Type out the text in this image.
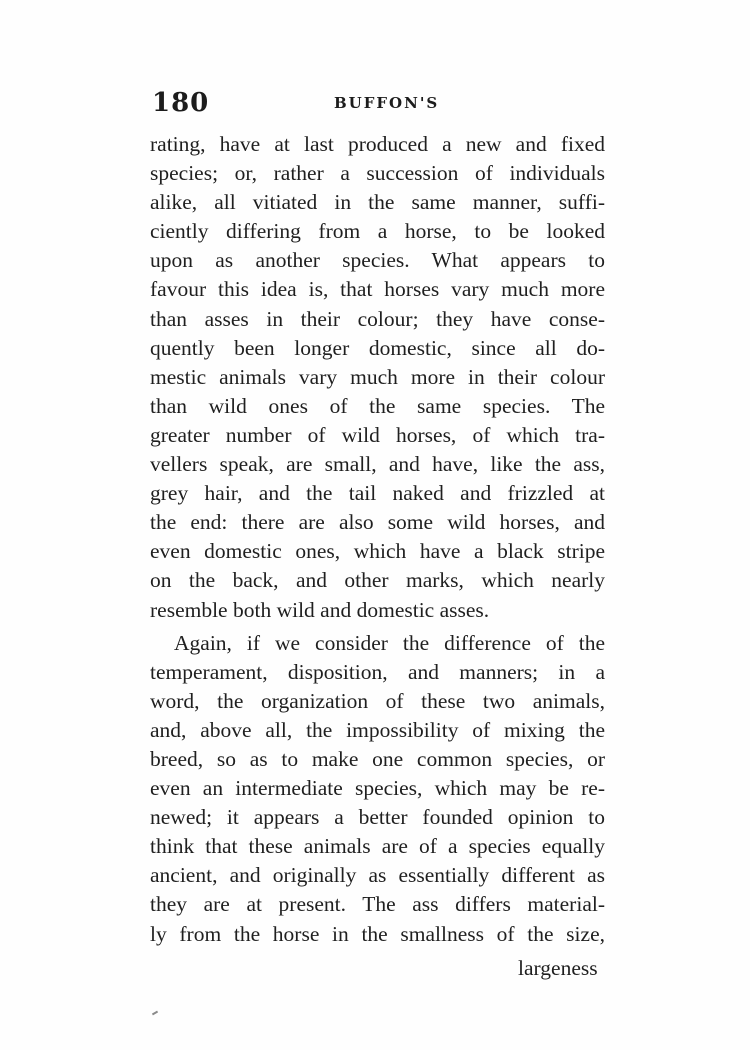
180	BUFFON'S
rating, have at last produced a new and fixed
species; or, rather a succession of individuals
alike, all vitiated in the same manner, suffi-
ciently differing from a horse, to be looked
upon as another species. What appears to
favour this idea is, that horses vary much more
than asses in their colour; they have conse-
quently been longer domestic, since all do-
mestic animals vary much more in their colour
than wild ones of the same species. The
greater number of wild horses, of which tra-
vellers speak, are small, and have, like the ass,
grey hair, and the tail naked and frizzled at
the end: there are also some wild horses, and
even domestic ones, which have a black stripe
on the back, and other marks, which nearly
resemble both wild and domestic asses.
Again, if we consider the difference of the
temperament, disposition, and manners; in a
word, the organization of these two animals,
and, above all, the impossibility of mixing the
breed, so as to make one common species, or
even an intermediate species, which may be re-
newed; it appears a better founded opinion to
think that these animals are of a species equally
ancient, and originally as essentially different as
they are at present. The ass differs material-
ly from the horse in the smallness of the size,
largeness
